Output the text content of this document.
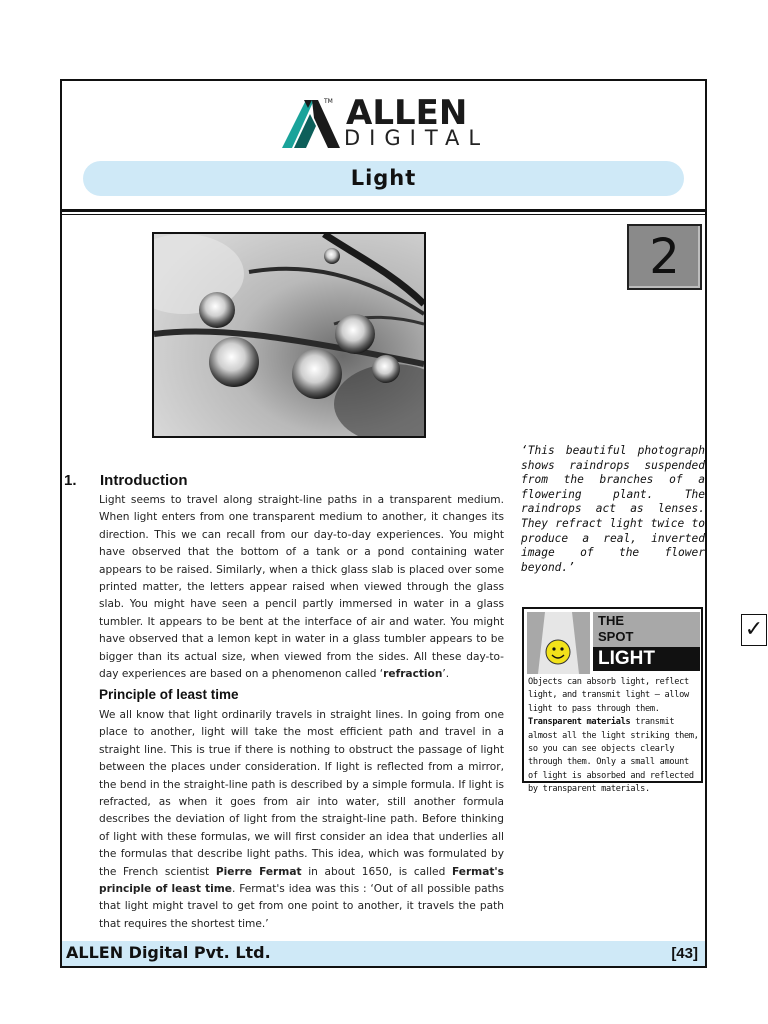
TM ALLEN
DIGITAL
Light
2
‘This beautiful photograph shows raindrops suspended from the branches of a flowering plant. The raindrops act as lenses. They refract light twice to produce a real, inverted image of the flower beyond.’
1. Introduction
Light seems to travel along straight-line paths in a transparent medium. When light enters from one transparent medium to another, it changes its direction. This we can recall from our day-to-day experiences. You might have observed that the bottom of a tank or a pond containing water appears to be raised. Similarly, when a thick glass slab is placed over some printed matter, the letters appear raised when viewed through the glass slab. You might have seen a pencil partly immersed in water in a glass tumbler. It appears to be bent at the interface of air and water. You might have observed that a lemon kept in water in a glass tumbler appears to be bigger than its actual size, when viewed from the sides. All these day-to-day experiences are based on a phenomenon called ‘refraction’.
Principle of least time
We all know that light ordinarily travels in straight lines. In going from one place to another, light will take the most efficient path and travel in a straight line. This is true if there is nothing to obstruct the passage of light between the places under consideration. If light is reflected from a mirror, the bend in the straight-line path is described by a simple formula. If light is refracted, as when it goes from air into water, still another formula describes the deviation of light from the straight-line path. Before thinking of light with these formulas, we will first consider an idea that underlies all the formulas that describe light paths. This idea, which was formulated by the French scientist Pierre Fermat in about 1650, is called Fermat's principle of least time. Fermat's idea was this : ‘Out of all possible paths that light might travel to get from one point to another, it travels the path that requires the shortest time.’
THE
SPOT	✓
LIGHT
Objects can absorb light, reflect light, and transmit light – allow light to pass through them. Transparent materials transmit almost all the light striking them, so you can see objects clearly through them. Only a small amount of light is absorbed and reflected by transparent materials.
ALLEN Digital Pvt. Ltd.	[43]
